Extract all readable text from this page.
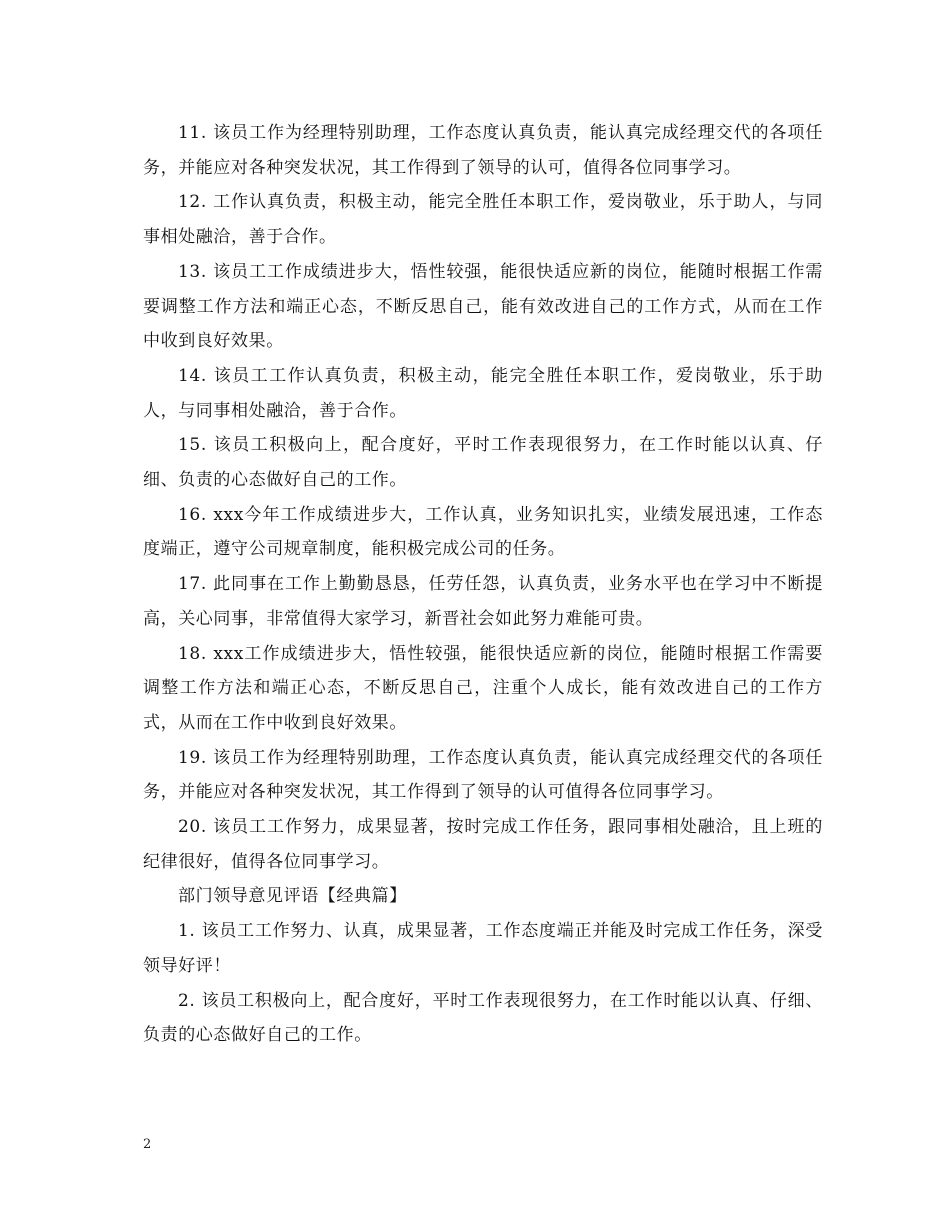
11. 该员工作为经理特别助理，工作态度认真负责，能认真完成经理交代的各项任务，并能应对各种突发状况，其工作得到了领导的认可，值得各位同事学习。

12. 工作认真负责，积极主动，能完全胜任本职工作，爱岗敬业，乐于助人，与同事相处融洽，善于合作。

13. 该员工工作成绩进步大，悟性较强，能很快适应新的岗位，能随时根据工作需要调整工作方法和端正心态，不断反思自己，能有效改进自己的工作方式，从而在工作中收到良好效果。

14. 该员工工作认真负责，积极主动，能完全胜任本职工作，爱岗敬业，乐于助人，与同事相处融洽，善于合作。

15. 该员工积极向上，配合度好，平时工作表现很努力，在工作时能以认真、仔细、负责的心态做好自己的工作。

16. xxx今年工作成绩进步大，工作认真，业务知识扎实，业绩发展迅速，工作态度端正，遵守公司规章制度，能积极完成公司的任务。

17. 此同事在工作上勤勤恳恳，任劳任怨，认真负责，业务水平也在学习中不断提高，关心同事，非常值得大家学习，新晋社会如此努力难能可贵。

18. xxx工作成绩进步大，悟性较强，能很快适应新的岗位，能随时根据工作需要调整工作方法和端正心态，不断反思自己，注重个人成长，能有效改进自己的工作方式，从而在工作中收到良好效果。

19. 该员工作为经理特别助理，工作态度认真负责，能认真完成经理交代的各项任务，并能应对各种突发状况，其工作得到了领导的认可值得各位同事学习。

20. 该员工工作努力，成果显著，按时完成工作任务，跟同事相处融洽，且上班的纪律很好，值得各位同事学习。

部门领导意见评语【经典篇】

1. 该员工工作努力、认真，成果显著，工作态度端正并能及时完成工作任务，深受领导好评！

2. 该员工积极向上，配合度好，平时工作表现很努力，在工作时能以认真、仔细、负责的心态做好自己的工作。

2
